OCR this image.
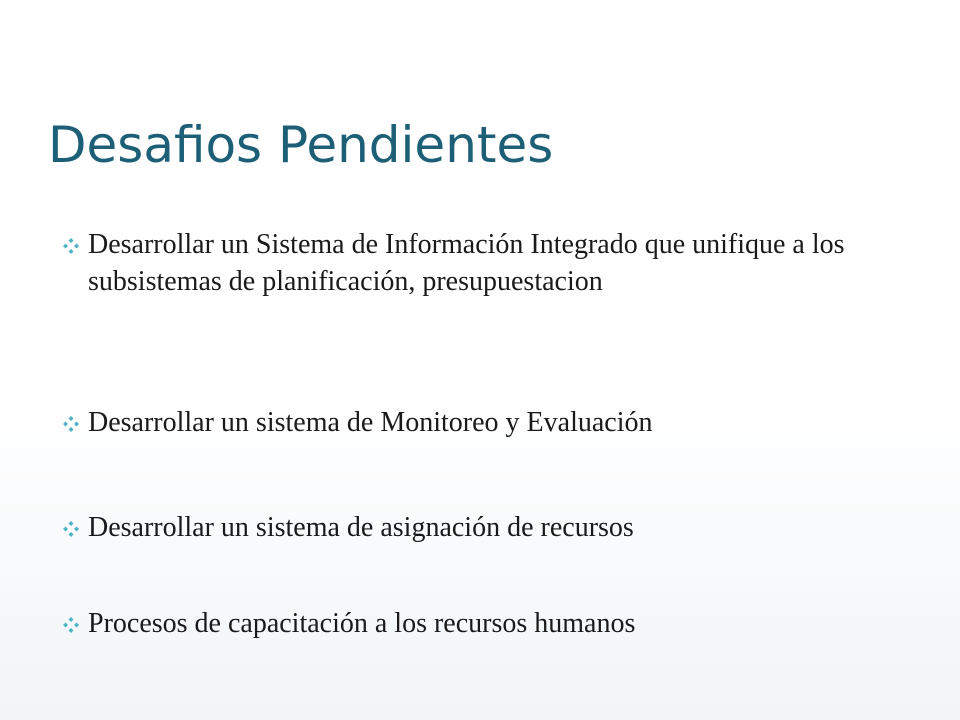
Desafios Pendientes
Desarrollar un Sistema de Información Integrado que unifique a los subsistemas de planificación, presupuestacion
Desarrollar un sistema de Monitoreo y Evaluación
Desarrollar un sistema de asignación de recursos
Procesos de capacitación a los recursos humanos
